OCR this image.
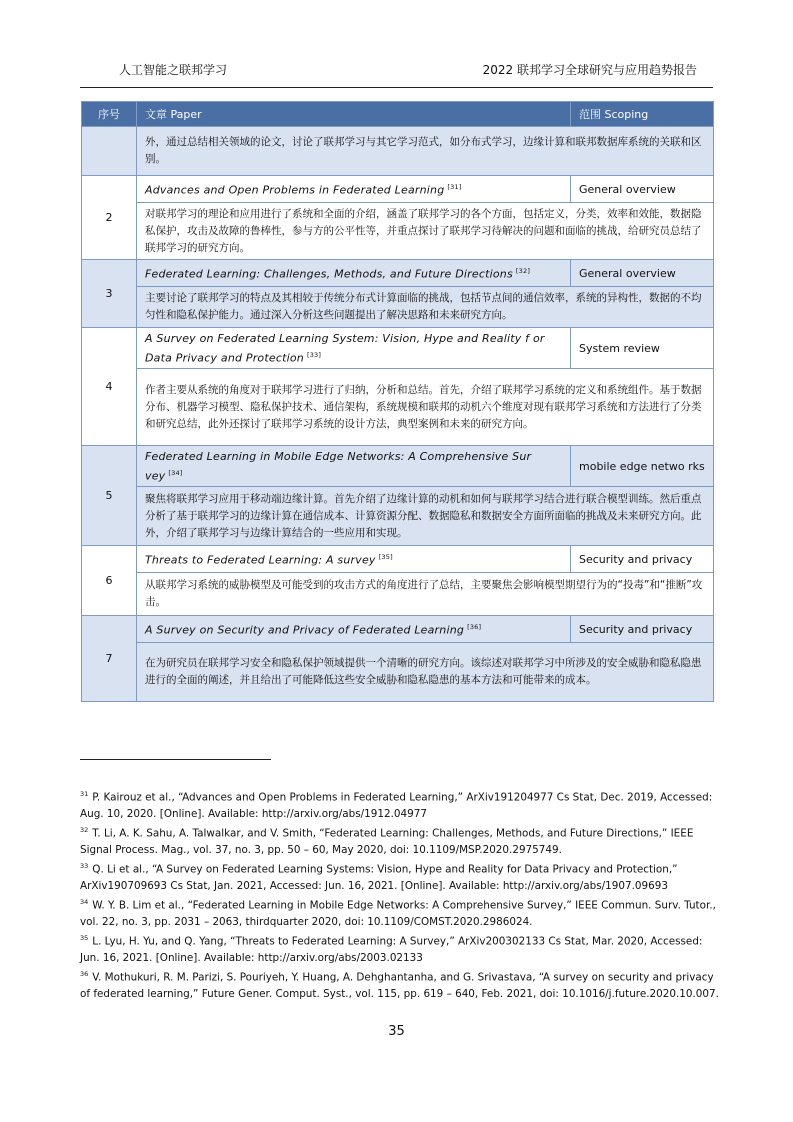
人工智能之联邦学习	2022 联邦学习全球研究与应用趋势报告
序号	文章 Paper	范围 Scoping
	外，通过总结相关领域的论文，讨论了联邦学习与其它学习范式，如分布式学习，边缘计算和联邦数据库系统的关联和区别。	
2	Advances and Open Problems in Federated Learning [31]	General overview
	对联邦学习的理论和应用进行了系统和全面的介绍，涵盖了联邦学习的各个方面，包括定义，分类，效率和效能，数据隐私保护，攻击及故障的鲁棒性，参与方的公平性等，并重点探讨了联邦学习待解决的问题和面临的挑战，给研究员总结了联邦学习的研究方向。	
3	Federated Learning: Challenges, Methods, and Future Directions [32]	General overview
	主要讨论了联邦学习的特点及其相较于传统分布式计算面临的挑战，包括节点间的通信效率，系统的异构性，数据的不均匀性和隐私保护能力。通过深入分析这些问题提出了解决思路和未来研究方向。	
4	A Survey on Federated Learning System: Vision, Hype and Reality f or Data Privacy and Protection [33]	System review
	作者主要从系统的角度对于联邦学习进行了归纳，分析和总结。首先，介绍了联邦学习系统的定义和系统组件。基于数据分布、机器学习模型、隐私保护技术、通信架构，系统规模和联邦的动机六个维度对现有联邦学习系统和方法进行了分类和研究总结，此外还探讨了联邦学习系统的设计方法，典型案例和未来的研究方向。	
5	Federated Learning in Mobile Edge Networks: A Comprehensive Sur vey [34]	mobile edge netwo rks
	聚焦将联邦学习应用于移动端边缘计算。首先介绍了边缘计算的动机和如何与联邦学习结合进行联合模型训练。然后重点分析了基于联邦学习的边缘计算在通信成本、计算资源分配、数据隐私和数据安全方面所面临的挑战及未来研究方向。此外，介绍了联邦学习与边缘计算结合的一些应用和实现。	
6	Threats to Federated Learning: A survey [35]	Security and privacy
	从联邦学习系统的威胁模型及可能受到的攻击方式的角度进行了总结，主要聚焦会影响模型期望行为的“投毒”和“推断”攻击。	
7	A Survey on Security and Privacy of Federated Learning [36]	Security and privacy
	在为研究员在联邦学习安全和隐私保护领域提供一个清晰的研究方向。该综述对联邦学习中所涉及的安全威胁和隐私隐患进行的全面的阐述，并且给出了可能降低这些安全威胁和隐私隐患的基本方法和可能带来的成本。	

$^{31}$ P. Kairouz et al., “Advances and Open Problems in Federated Learning,” ArXiv191204977 Cs Stat, Dec. 2019, Accessed: Aug. 10, 2020. [Online]. Available: http://arxiv.org/abs/1912.04977

$^{32}$ T. Li, A. K. Sahu, A. Talwalkar, and V. Smith, “Federated Learning: Challenges, Methods, and Future Directions,” IEEE Signal Process. Mag., vol. 37, no. 3, pp. 50 – 60, May 2020, doi: 10.1109/MSP.2020.2975749.

$^{33}$ Q. Li et al., “A Survey on Federated Learning Systems: Vision, Hype and Reality for Data Privacy and Protection,” ArXiv190709693 Cs Stat, Jan. 2021, Accessed: Jun. 16, 2021. [Online]. Available: http://arxiv.org/abs/1907.09693

$^{34}$ W. Y. B. Lim et al., “Federated Learning in Mobile Edge Networks: A Comprehensive Survey,” IEEE Commun. Surv. Tutor., vol. 22, no. 3, pp. 2031 – 2063, thirdquarter 2020, doi: 10.1109/COMST.2020.2986024.

$^{35}$ L. Lyu, H. Yu, and Q. Yang, “Threats to Federated Learning: A Survey,” ArXiv200302133 Cs Stat, Mar. 2020, Accessed: Jun. 16, 2021. [Online]. Available: http://arxiv.org/abs/2003.02133

$^{36}$ V. Mothukuri, R. M. Parizi, S. Pouriyeh, Y. Huang, A. Dehghantanha, and G. Srivastava, “A survey on security and privacy of federated learning,” Future Gener. Comput. Syst., vol. 115, pp. 619 – 640, Feb. 2021, doi: 10.1016/j.future.2020.10.007.

35
